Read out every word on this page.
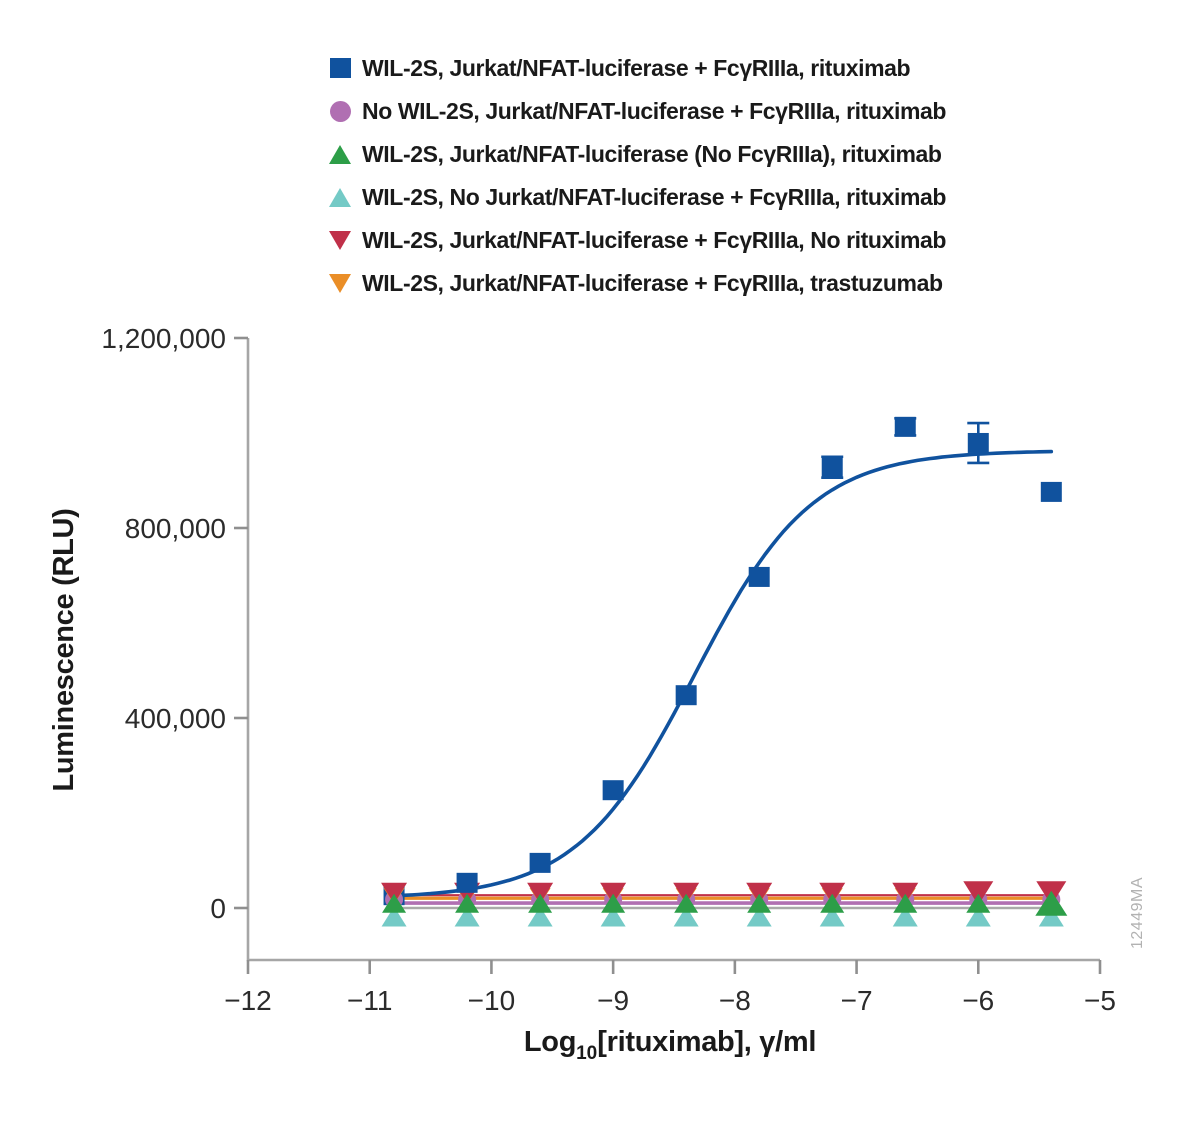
WIL-2S, Jurkat/NFAT-luciferase + FcγRIIIa, rituximab
No WIL-2S, Jurkat/NFAT-luciferase + FcγRIIIa, rituximab
WIL-2S, Jurkat/NFAT-luciferase (No FcγRIIIa), rituximab
WIL-2S, No Jurkat/NFAT-luciferase + FcγRIIIa, rituximab
WIL-2S, Jurkat/NFAT-luciferase + FcγRIIIa, No rituximab
WIL-2S, Jurkat/NFAT-luciferase + FcγRIIIa, trastuzumab
0
400,000
800,000
1,200,000
−12	−11	−10	−9	−8	−7	−6	−5
Luminescence (RLU)
Log$_{10}$[rituximab], γ/ml
12449MA
